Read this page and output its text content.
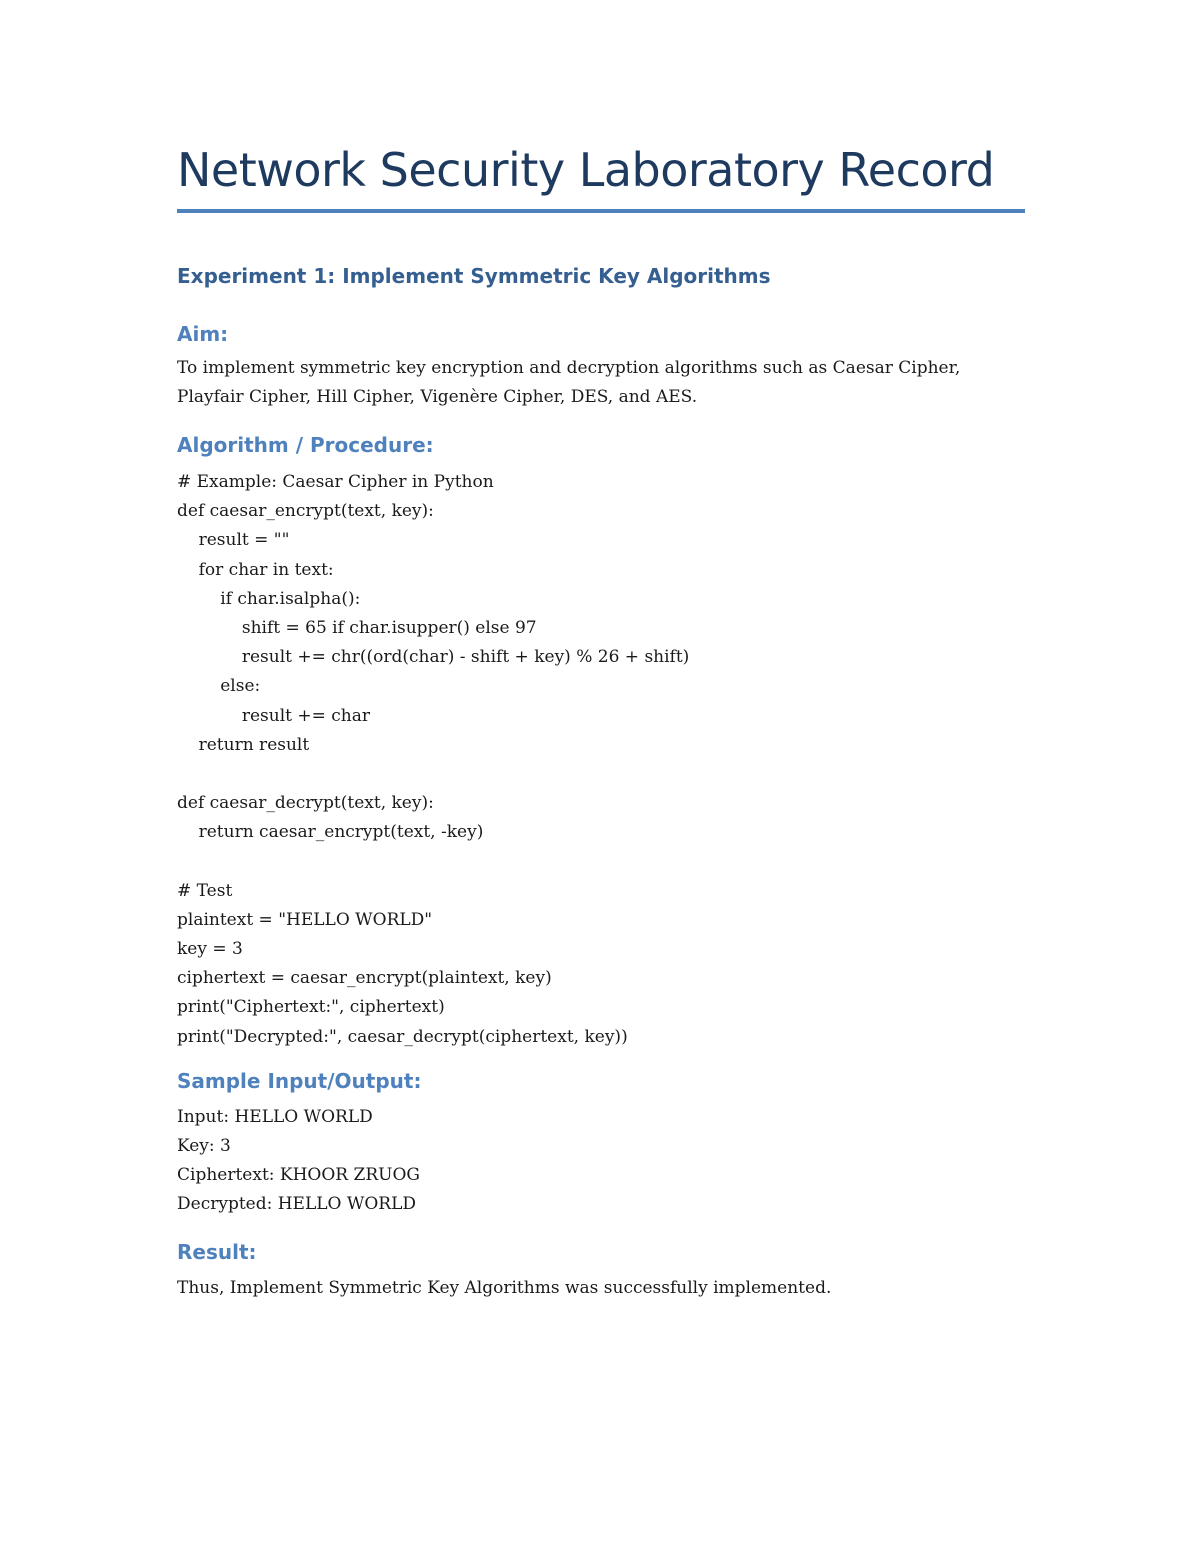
Network Security Laboratory Record
Experiment 1: Implement Symmetric Key Algorithms
Aim:

To implement symmetric key encryption and decryption algorithms such as Caesar Cipher, Playfair Cipher, Hill Cipher, Vigenère Cipher, DES, and AES.

Algorithm / Procedure:
# Example: Caesar Cipher in Python
def caesar_encrypt(text, key):
result = ""
for char in text:
if char.isalpha():
shift = 65 if char.isupper() else 97
result += chr((ord(char) - shift + key) % 26 + shift)
else:
result += char
return result
def caesar_decrypt(text, key):
return caesar_encrypt(text, -key)
# Test
plaintext = "HELLO WORLD"
key = 3
ciphertext = caesar_encrypt(plaintext, key)
print("Ciphertext:", ciphertext)
print("Decrypted:", caesar_decrypt(ciphertext, key))
Sample Input/Output:
Input: HELLO WORLD
Key: 3
Ciphertext: KHOOR ZRUOG
Decrypted: HELLO WORLD
Result:

Thus, Implement Symmetric Key Algorithms was successfully implemented.
